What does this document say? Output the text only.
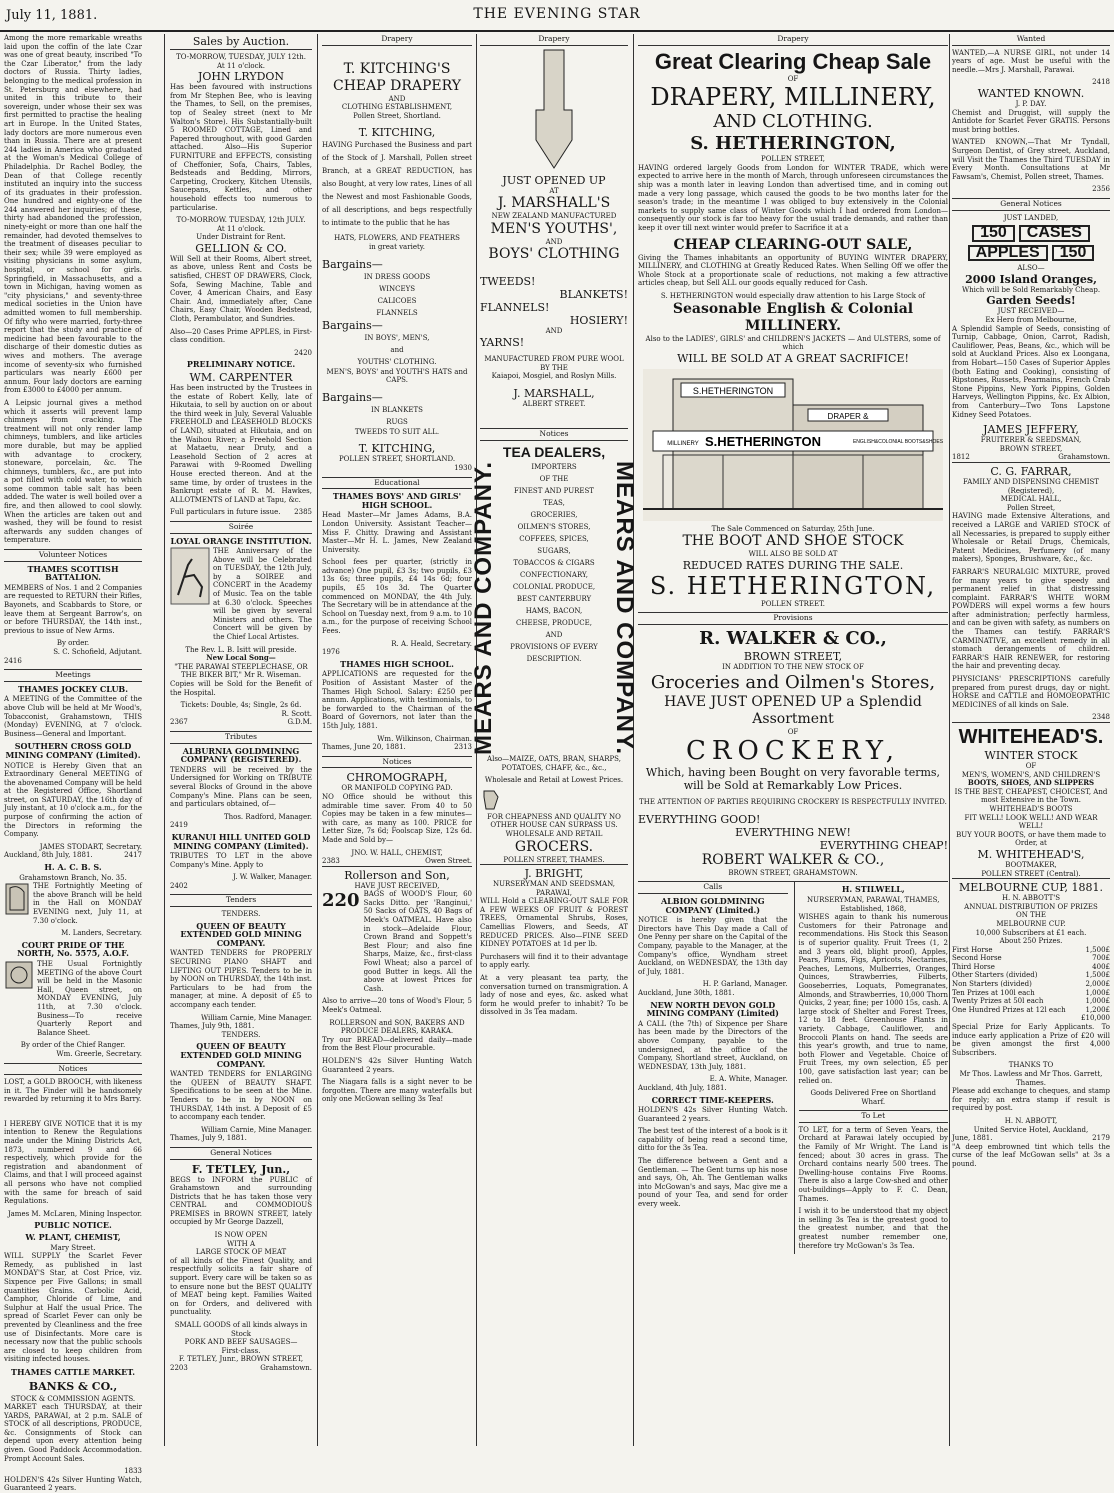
July 11, 1881.	THE EVENING STAR

Among the more remarkable wreaths laid upon the coffin of the late Czar was one of great beauty, inscribed "To the Czar Liberator," from the lady doctors of Russia. Thirty ladies, belonging to the medical profession in St. Petersburg and elsewhere, had united in this tribute to their sovereign, under whose their sex was first permitted to practise the healing art in Europe. In the United States, lady doctors are more numerous even than in Russia. There are at present 244 ladies in America who graduated at the Woman's Medical College of Philadelphia. Dr Rachel Bodley, the Dean of that College recently instituted an inquiry into the success of its graduates in their profession. One hundred and eighty-one of the 244 answered her inquiries; of these, thirty had abandoned the profession, ninety-eight or more than one half the remainder, had devoted themselves to the treatment of diseases peculiar to their sex; while 39 were employed as visiting physicians in some asylum, hospital, or school for girls. Springfield, in Massachusetts, and a town in Michigan, having women as "city physicians," and seventy-three medical societies in the Union have admitted women to full membership. Of fifty who were married, forty-three report that the study and practice of medicine had been favourable to the discharge of their domestic duties as wives and mothers. The average income of seventy-six who furnished particulars was nearly £600 per annum. Four lady doctors are earning from £3000 to £4000 per annum.

A Leipsic journal gives a method which it asserts will prevent lamp chimneys from cracking. The treatment will not only render lamp chimneys, tumblers, and like articles more durable, but may be applied with advantage to crockery, stoneware, porcelain, &c. The chimneys, tumblers, &c., are put into a pot filled with cold water, to which some common table salt has been added. The water is well boiled over a fire, and then allowed to cool slowly. When the articles are taken out and washed, they will be found to resist afterwards any sudden changes of temperature.

Volunteer Notices
THAMES SCOTTISH BATTALION.

MEMBERS of Nos. 1 and 2 Companies are requested to RETURN their Rifles, Bayonets, and Scabbards to Store, or leave them at Sergeant Barrow's, on or before THURSDAY, the 14th inst., previous to issue of New Arms.

By order.
S. C. Schofield, Adjutant.
2416
Meetings
THAMES JOCKEY CLUB.

A MEETING of the Committee of the above Club will be held at Mr Wood's, Tobacconist, Grahamstown, THIS (Monday) EVENING, at 7 o'clock. Business—General and Important.

SOUTHERN CROSS GOLD MINING COMPANY (Limited).

NOTICE is Hereby Given that an Extraordinary General MEETING of the abovenamed Company will be held at the Registered Office, Shortland street, on SATURDAY, the 16th day of July instant, at 10 o'clock a.m., for the purpose of confirming the action of the Directors in reforming the Company.

JAMES STODART, Secretary.
Auckland, 8th July, 1881.	2417
H. A. C. B. S.
Grahamstown Branch, No. 35.

THE Fortnightly Meeting of the above Branch will be held in the Hall on MONDAY EVENING next, July 11, at 7.30 o'clock.

M. Landers, Secretary.
COURT PRIDE OF THE NORTH, No. 5575, A.O.F.

THE Usual Fortnightly MEETING of the above Court will be held in the Masonic Hall, Queen street, on MONDAY EVENING, July 11th, at 7.30 o'clock. Business—To receive Quarterly Report and Balance Sheet.

By order of the Chief Ranger.
Wm. Greerle, Secretary.
Notices

LOST, a GOLD BROOCH, with likeness in it. The Finder will be handsomely rewarded by returning it to Mrs Barry.

I HEREBY GIVE NOTICE that it is my intention to Renew the Regulations made under the Mining Districts Act, 1873, numbered 9 and 66 respectively, which provide for the registration and abandonment of Claims, and that I will proceed against all persons who have not complied with the same for breach of said Regulations.

James M. McLaren, Mining Inspector.
PUBLIC NOTICE.
W. PLANT, CHEMIST,
Mary Street.

WILL SUPPLY the Scarlet Fever Remedy, as published in last MONDAY'S Star, at Cost Price, viz. Sixpence per Five Gallons; in small quantities Grains. Carbolic Acid, Camphor, Chloride of Lime, and Sulphur at Half the usual Price. The spread of Scarlet Fever can only be prevented by Cleanliness and the free use of Disinfectants. More care is necessary now that the public schools are closed to keep children from visiting infected houses.

THAMES CATTLE MARKET.
BANKS & CO.,
STOCK & COMMISSION AGENTS.

MARKET each THURSDAY, at their YARDS, PARAWAI, at 2 p.m. SALE of STOCK of all descriptions, PRODUCE, &c. Consignments of Stock can depend upon every attention being given. Good Paddock Accommodation. Prompt Account Sales.

1833

HOLDEN'S 42s Silver Hunting Watch, Guaranteed 2 years.

Sales by Auction.
TO-MORROW, TUESDAY, JULY 12th.
At 11 o'clock.
JOHN LRYDON

Has been favoured with instructions from Mr Stephen Bee, who is leaving the Thames, to Sell, on the premises, top of Sealey street (next to Mr Walton's Store). His Substantially-built 5 ROOMED COTTAGE, Lined and Papered throughout, with good Garden attached. Also—His Superior FURNITURE and EFFECTS, consisting of Cheffonier, Sofa, Chairs, Tables, Bedsteads and Bedding, Mirrors, Carpeting, Crockery, Kitchen Utensils, Saucepans, Kettles, and other household effects too numerous to particularise.

TO-MORROW. TUESDAY, 12th JULY.
At 11 o'clock.
Under Distraint for Rent.
GELLION & CO.

Will Sell at their Rooms, Albert street, as above, unless Rent and Costs be satisfied, CHEST OF DRAWERS, Clock, Sofa, Sewing Machine, Table and Cover, 4 American Chairs, and Easy Chair. And, immediately after, Cane Chairs, Easy Chair, Wooden Bedstead, Cloth, Perambulator, and Sundries.

Also—20 Cases Prime APPLES, in First-class condition.

2420
PRELIMINARY NOTICE.
WM. CARPENTER

Has been instructed by the Trustees in the estate of Robert Kelly, late of Hikutaia, to sell by auction on or about the third week in July, Several Valuable FREEHOLD and LEASEHOLD BLOCKS of LAND, situated at Hikutaia, and on the Waihou River; a Freehold Section at Mataetu, near Druty, and a Leasehold Section of 2 acres at Parawai with 9-Roomed Dwelling House erected thereon. And at the same time, by order of trustees in the Bankrupt estate of R. M. Hawkes, ALLOTMENTS of LAND at Tapu, &c.

Full particulars in future issue. 2385
Soirée
LOYAL ORANGE INSTITUTION.

THE Anniversary of the Above will be Celebrated on TUESDAY, the 12th July, by a SOIREE and CONCERT in the Academy of Music. Tea on the table at 6.30 o'clock. Speeches will be given by several Ministers and others. The Concert will be given by the Chief Local Artistes.

The Rev. L. B. Isitt will preside.
New Local Song—
"THE PARAWAI STEEPLECHASE, OR THE BIKER BIT," Mr R. Wiseman.

Copies will be Sold for the Benefit of the Hospital.

Tickets: Double, 4s; Single, 2s 6d.
R. Scott.
2367	G.D.M.
Tributes
ALBURNIA GOLDMINING COMPANY (REGISTERED).

TENDERS will be received by the Undersigned for Working on TRIBUTE several Blocks of Ground in the above Company's Mine. Plans can be seen, and particulars obtained, of—

Thos. Radford, Manager.
2419
KURANUI HILL UNITED GOLD MINING COMPANY (Limited).

TRIBUTES TO LET in the above Company's Mine. Apply to

J. W. Walker, Manager.
2402
Tenders
TENDERS.
QUEEN OF BEAUTY EXTENDED GOLD MINING COMPANY.

WANTED TENDERS for PROPERLY SECURING PIANO SHAFT and LIFTING OUT PIPES. Tenders to be in by NOON on THURSDAY, the 14th inst. Particulars to be had from the manager, at mine. A deposit of £5 to accompany each tender.

William Carnie, Mine Manager.
Thames, July 9th, 1881.
TENDERS.
QUEEN OF BEAUTY EXTENDED GOLD MINING COMPANY.

WANTED TENDERS for ENLARGING the QUEEN of BEAUTY SHAFT. Specifications to be seen at the Mine. Tenders to be in by NOON on THURSDAY, 14th inst. A Deposit of £5 to accompany each tender.

William Carnie, Mine Manager.
Thames, July 9, 1881.
General Notices
F. TETLEY, Jun.,

BEGS to INFORM the PUBLIC of Grahamstown and surrounding Districts that he has taken those very CENTRAL and COMMODIOUS PREMISES in BROWN STREET, lately occupied by Mr George Dazzell,

IS NOW OPEN
WITH A
LARGE STOCK OF MEAT

of all kinds of the Finest Quality, and respectfully solicits a fair share of support. Every care will be taken so as to ensure none but the BEST QUALITY of MEAT being kept. Families Waited on for Orders, and delivered with punctuality.

SMALL GOODS of all kinds always in Stock
PORK AND BEEF SAUSAGES—
First-class.
F. TETLEY, Junr., BROWN STREET,
2203	Grahamstown.
Drapery
T. KITCHING'S
CHEAP DRAPERY
AND
CLOTHING ESTABLISHMENT,
Pollen Street, Shortland.
T. KITCHING,

HAVING Purchased the Business and part of the Stock of J. Marshall, Pollen street Branch, at a GREAT REDUCTION, has also Bought, at very low rates, Lines of all the Newest and most Fashionable Goods, of all descriptions, and begs respectfully to intimate to the public that he has

HATS, FLOWERS, AND FEATHERS
in great variety.
Bargains—
IN DRESS GOODS
WINCEYS
CALICOES
FLANNELS
Bargains—
IN BOYS', MEN'S,
and
YOUTHS' CLOTHING.
MEN'S, BOYS' and YOUTH'S HATS and CAPS.
Bargains—
IN BLANKETS
RUGS
TWEEDS TO SUIT ALL.
T. KITCHING,
POLLEN STREET, SHORTLAND.
1930
Educational
THAMES BOYS' AND GIRLS' HIGH SCHOOL.

Head Master—Mr James Adams, B.A. London University. Assistant Teacher—Miss F. Chitty. Drawing and Assistant Master—Mr H. L. James, New Zealand University.

School fees per quarter, (strictly in advance) One pupil, £3 3s; two pupils, £3 13s 6s; three pupils, £4 14s 6d; four pupils, £5 10s 3d. The Quarter commenced on MONDAY, the 4th July. The Secretary will be in attendance at the School on Tuesday next, from 9 a.m. to 10 a.m., for the purpose of receiving School Fees.

R. A. Heald, Secretary.
1976
THAMES HIGH SCHOOL.

APPLICATIONS are requested for the Position of Assistant Master of the Thames High School. Salary: £250 per annum. Applications, with testimonials, to be forwarded to the Chairman of the Board of Governors, not later than the 15th July, 1881.

Wm. Wilkinson, Chairman.
Thames, June 20, 1881.	2313
Notices
CHROMOGRAPH,
OR MANIFOLD COPYING PAD.

NO Office should be without this admirable time saver. From 40 to 50 Copies may be taken in a few minutes—with care, as many as 100. PRICE for Letter Size, 7s 6d; Foolscap Size, 12s 6d. Made and Sold by—

JNO. W. HALL, CHEMIST,
2383	Owen Street.
Rollerson and Son,
HAVE JUST RECEIVED,
220 BAGS of WOOD'S Flour, 60 Sacks Ditto. per 'Ranginui,' 50 Sacks of OATS, 40 Bags of Meek's OATMEAL. Have also in stock—Adelaide Flour, Crown Brand and Soppett's Best Flour; and also fine Sharps, Maize, &c., first-class Fowl Wheat; also a parcel of good Butter in kegs. All the above at lowest Prices for Cash.

Also to arrive—20 tons of Wood's Flour, 5 Meek's Oatmeal.

ROLLERSON and SON, BAKERS AND PRODUCE DEALERS, KARAKA.

Try our BREAD—delivered daily—made from the Best Flour procurable.

HOLDEN'S 42s Silver Hunting Watch Guaranteed 2 years.

The Niagara falls is a sight never to be forgotten. There are many waterfalls but only one McGowan selling 3s Tea!

Drapery
JUST OPENED UP
AT
J. MARSHALL'S
NEW ZEALAND MANUFACTURED
MEN'S YOUTHS',
AND
BOYS' CLOTHING
TWEEDS!
BLANKETS!
FLANNELS!
HOSIERY!
AND
YARNS!
MANUFACTURED FROM PURE WOOL
BY THE
Kaiapoi, Mosgiel, and Roslyn Mills.
J. MARSHALL,
ALBERT STREET.
Notices
TEA DEALERS,
MEARS AND COMPANY.	IMPORTERS
OF THE
FINEST AND PUREST
TEAS,
GROCERIES,
OILMEN'S STORES,
COFFEES, SPICES,
SUGARS,
TOBACCOS & CIGARS
CONFECTIONARY,
COLONIAL PRODUCE,
BEST CANTERBURY
HAMS, BACON,
CHEESE, PRODUCE,
AND
PROVISIONS OF EVERY
DESCRIPTION.	MEARS AND COMPANY.

Also—MAIZE, OATS, BRAN, SHARPS, POTATOES, CHAFF, &c., &c.,

Wholesale and Retail at Lowest Prices.
FOR CHEAPNESS AND QUALITY NO OTHER HOUSE CAN SURPASS US.
WHOLESALE AND RETAIL
GROCERS.
POLLEN STREET, THAMES.
J. BRIGHT,
NURSERYMAN AND SEEDSMAN, PARAWAI,

WILL Hold a CLEARING-OUT SALE FOR A FEW WEEKS OF FRUIT & FOREST TREES, Ornamental Shrubs, Roses, Camellias Flowers, and Seeds, AT REDUCED PRICES. Also—FINE SEED KIDNEY POTATOES at 1d per lb.

Purchasers will find it to their advantage to apply early.

At a very pleasant tea party, the conversation turned on transmigration. A lady of nose and eyes, &c. asked what form he would prefer to inhabit? To be dissolved in 3s Tea madam.

Drapery
Great Clearing Cheap Sale
OF
DRAPERY, MILLINERY,
AND CLOTHING.
S. HETHERINGTON,
POLLEN STREET,

HAVING ordered largely Goods from London for WINTER TRADE, which were expected to arrive here in the month of March, through unforeseen circumstances the ship was a month later in leaving London than advertised time, and in coming out made a very long passage, which caused the goods to be two months later for the season's trade; in the meantime I was obliged to buy extensively in the Colonial markets to supply same class of Winter Goods which I had ordered from London—consequently our stock is far too heavy for the usual trade demands, and rather than keep it over till next winter would prefer to Sacrifice it at a

CHEAP CLEARING-OUT SALE,

Giving the Thames inhabitants an opportunity of BUYING WINTER DRAPERY, MILLINERY, and CLOTHING at Greatly Reduced Rates. When Selling Off we offer the Whole Stock at a proportionate scale of reductions, not making a few attractive articles cheap, but Sell ALL our goods equally reduced for Cash.

S. HETHERINGTON would especially draw attention to his Large Stock of
Seasonable English & Colonial MILLINERY.
Also to the LADIES', GIRLS' and CHILDREN'S JACKETS — And ULSTERS, some of which
WILL BE SOLD AT A GREAT SACRIFICE!
S.HETHERINGTON
DRAPER &
S.HETHERINGTON
MILLINERY	ENGLISH&COLONIAL BOOTS&SHOES
The Sale Commenced on Saturday, 25th June.
THE BOOT AND SHOE STOCK
WILL ALSO BE SOLD AT
REDUCED RATES DURING THE SALE.
S. HETHERINGTON,
POLLEN STREET.
Provisions
R. WALKER & CO.,
BROWN STREET,
IN ADDITION TO THE NEW STOCK OF
Groceries and Oilmen's Stores,
HAVE JUST OPENED UP a Splendid Assortment
OF
CROCKERY,
Which, having been Bought on very favorable terms, will be Sold at Remarkably Low Prices.
THE ATTENTION OF PARTIES REQUIRING CROCKERY IS RESPECTFULLY INVITED.
EVERYTHING GOOD!
EVERYTHING NEW!
EVERYTHING CHEAP!
ROBERT WALKER & CO.,
BROWN STREET, GRAHAMSTOWN.
Calls
ALBION GOLDMINING COMPANY (Limited.)

NOTICE is hereby given that the Directors have This Day made a Call of One Penny per share on the Capital of the Company, payable to the Manager, at the Company's office, Wyndham street Auckland, on WEDNESDAY, the 13th day of July, 1881.

H. P. Garland, Manager.
Auckland, June 30th, 1881.
NEW NORTH DEVON GOLD MINING COMPANY (Limited)

A CALL (the 7th) of Sixpence per Share has been made by the Directors of the above Company, payable to the undersigned, at the office of the Company, Shortland street, Auckland, on WEDNESDAY, 13th July, 1881.

E. A. White, Manager.
Auckland, 4th July, 1881.
CORRECT TIME-KEEPERS.

HOLDEN'S 42s Silver Hunting Watch. Guaranteed 2 years.

The best test of the interest of a book is it capability of being read a second time, ditto for the 3s Tea.

The difference between a Gent and a Gentleman. — The Gent turns up his nose and says, Oh, Ah. The Gentleman walks into McGowan's and says, Mac give me a pound of your Tea, and send for order every week.

H. STILWELL,
NURSERYMAN, PARAWAI, THAMES,
Established, 1868,

WISHES again to thank his numerous Customers for their Patronage and recommendations. His Stock this Season is of superior quality. Fruit Trees (1, 2 and 3 years old, blight proof), Apples, Pears, Plums, Figs, Apricots, Nectarines, Peaches, Lemons, Mulberries, Oranges, Quinces, Strawberries, Filberts, Gooseberries, Loquats, Pomegranates, Almonds, and Strawberries, 10,000 Thorn Quicks, 2 year, fine; per 1000 15s, cash. A large stock of Shelter and Forest Trees, 12 to 18 feet. Greenhouse Plants in variety. Cabbage, Cauliflower, and Broccoli Plants on hand. The seeds are this year's growth, and true to name, both Flower and Vegetable. Choice of Fruit Trees, my own selection, £5 per 100, gave satisfaction last year; can be relied on.

Goods Delivered Free on Shortland Wharf.
To Let

TO LET, for a term of Seven Years, the Orchard at Parawai lately occupied by the Family of Mr Wright. The Land is fenced; about 30 acres in grass. The Orchard contains nearly 500 trees. The Dwelling-house contains Five Rooms. There is also a large Cow-shed and other out-buildings—Apply to F. C. Dean, Thames.

I wish it to be understood that my object in selling 3s Tea is the greatest good to the greatest number, and that the greatest number remember one, therefore try McGowan's 3s Tea.

Wanted

WANTED,—A NURSE GIRL, not under 14 years of age. Must be useful with the needle.—Mrs J. Marshall, Parawai.

2418
WANTED KNOWN.
J. P. DAY.

Chemist and Druggist, will supply the Antidote for Scarlet Fever GRATIS. Persons must bring bottles.

WANTED KNOWN,—That Mr Tyndall, Surgeon Dentist, of Grey street, Auckland, will Visit the Thames the Third TUESDAY in Every Month. Consultations at Mr Fawsam's, Chemist, Pollen street, Thames.

2356
General Notices
JUST LANDED,
150	CASES
APPLES	150
ALSO—
2000 Island Oranges,
Which will be Sold Remarkably Cheap.
Garden Seeds!
JUST RECEIVED—
Ex Hero from Melbourne,

A Splendid Sample of Seeds, consisting of Turnip, Cabbage, Onion, Carrot, Radish, Cauliflower, Peas, Beans, &c., which will be sold at Auckland Prices. Also ex Loongana, from Hobart—150 Cases of Superior Apples (both Eating and Cooking), consisting of Ripstones, Russets, Pearmains, French Crab Stone Pippins, New York Pippins, Golden Harveys, Wellington Pippins, &c. Ex Albion, from Canterbury—Two Tons Lapstone Kidney Seed Potatoes.

JAMES JEFFERY,
FRUITERER & SEEDSMAN,
BROWN STREET,
1812	Grahamstown.
C. G. FARRAR,
FAMILY AND DISPENSING CHEMIST (Registered),
MEDICAL HALL,
Pollen Street,

HAVING made Extensive Alterations, and received a LARGE and VARIED STOCK of all Necessaries, is prepared to supply either Wholesale or Retail Drugs, Chemicals, Patent Medicines, Perfumery (of many makers), Sponges, Brushware, &c., &c.

FARRAR'S NEURALGIC MIXTURE, proved for many years to give speedy and permanent relief in that distressing complaint. FARRAR'S WHITE WORM POWDERS will expel worms a few hours after administration; perfectly harmless, and can be given with safety, as numbers on the Thames can testify. FARRAR'S CARMINATIVE, an excellent remedy in all stomach derangements of children. FARRAR'S HAIR RENEWER, for restoring the hair and preventing decay.

PHYSICIANS' PRESCRIPTIONS carefully prepared from purest drugs, day or night. HORSE and CATTLE and HOMOEOPATHIC MEDICINES of all kinds on Sale.

2348
WHITEHEAD'S.
WINTER STOCK
OF
MEN'S, WOMEN'S, AND CHILDREN'S
BOOTS, SHOES, AND SLIPPERS
IS THE BEST, CHEAPEST, CHOICEST, And most Extensive in the Town.
WHITEHEAD'S BOOTS
FIT WELL! LOOK WELL! AND WEAR WELL!
BUY YOUR BOOTS, or have them made to Order, at
M. WHITEHEAD'S,
BOOTMAKER,
POLLEN STREET (Central).
MELBOURNE CUP, 1881.
H. N. ABBOTT'S
ANNUAL DISTRIBUTION OF PRIZES
ON THE
MELBOURNE CUP.
10,000 Subscribers at £1 each.
About 250 Prizes.
First Horse	1,500£
Second Horse	700£
Third Horse	400£
Other Starters (divided)	1,500£
Non Starters (divided)	2,000£
Ten Prizes at 100l each	1,000£
Twenty Prizes at 50l each	1,000£
One Hundred Prizes at 12l each	1,200£
£10,000

Special Prize for Early Applicants. To induce early application a Prize of £20 will be given amongst the first 4,000 Subscribers.

THANKS TO
Mr Thos. Lawless and Mr Thos. Garrett,
Thames.

Please add exchange to cheques, and stamp for reply; an extra stamp if result is required by post.

H. N. ABBOTT,
United Service Hotel, Auckland,
June, 1881.	2179

"A deep embrowned tint which tells the curse of the leaf McGowan sells" at 3s a pound.
